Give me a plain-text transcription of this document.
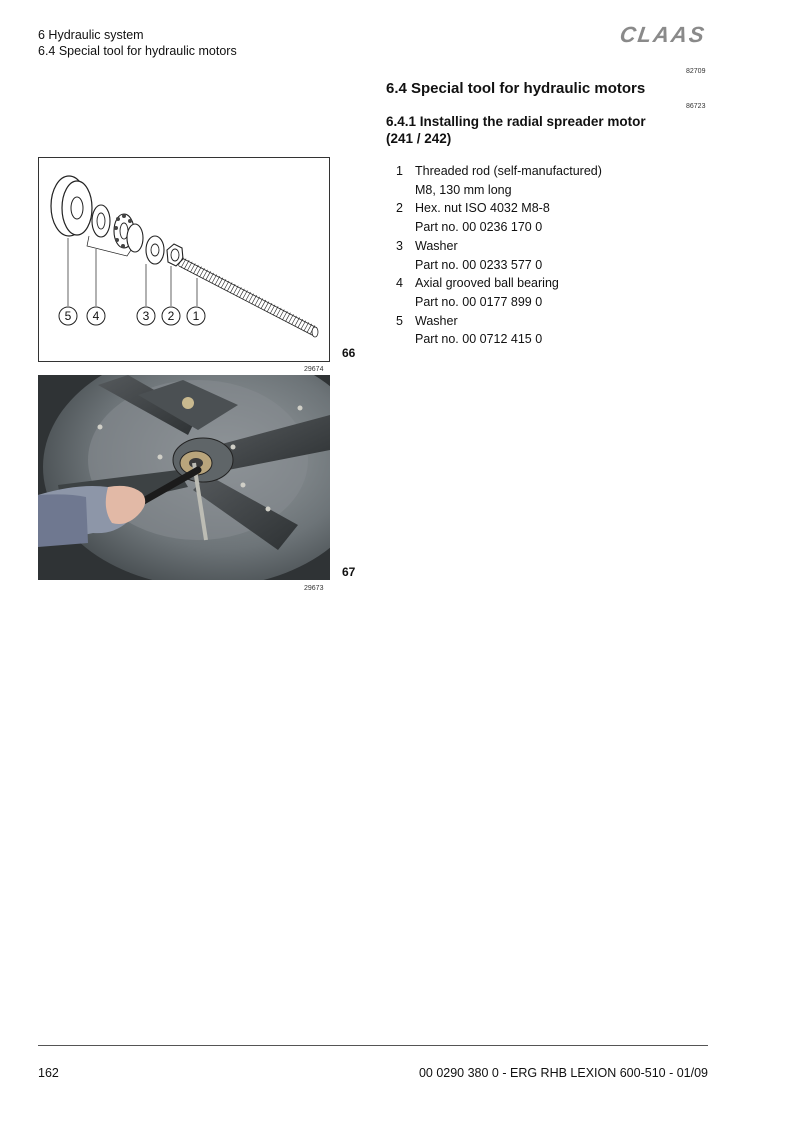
6 Hydraulic system
6.4 Special tool for hydraulic motors
CLAAS
82709
6.4 Special tool for hydraulic motors
86723
6.4.1 Installing the radial spreader motor (241 / 242)
1 Threaded rod (self-manufactured)
M8, 130 mm long
2 Hex. nut ISO 4032 M8-8
Part no. 00 0236 170 0
3 Washer
Part no. 00 0233 577 0
4 Axial grooved ball bearing
Part no. 00 0177 899 0
5 Washer
Part no. 00 0712 415 0
5 4	3 2 1
66
29674
67
29673
162	00 0290 380 0 - ERG RHB LEXION 600-510 - 01/09
